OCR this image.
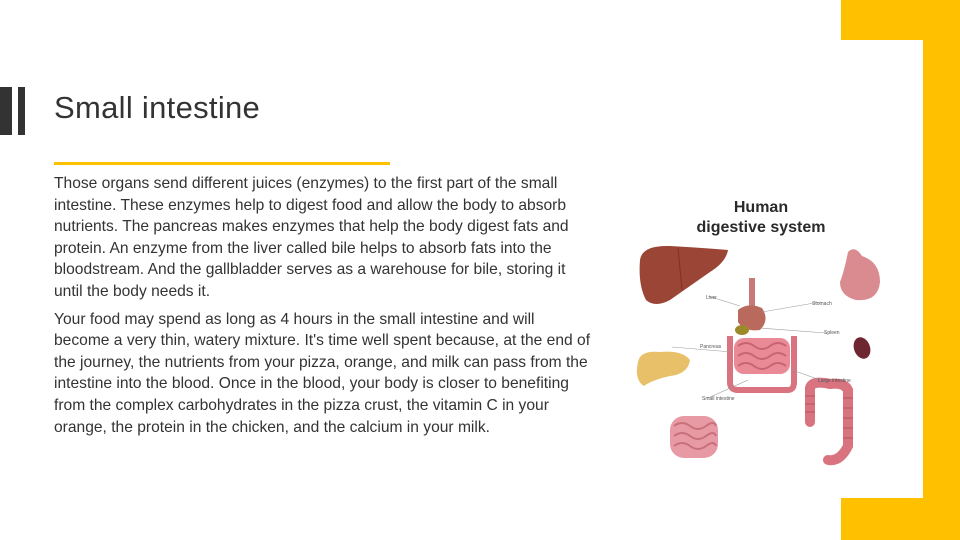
Small intestine

Those organs send different juices (enzymes) to the first part of the small intestine. These enzymes help to digest food and allow the body to absorb nutrients. The pancreas makes enzymes that help the body digest fats and protein. An enzyme from the liver called bile helps to absorb fats into the bloodstream. And the gallbladder serves as a warehouse for bile, storing it until the body needs it.

Your food may spend as long as 4 hours in the small intestine and will become a very thin, watery mixture. It's time well spent because, at the end of the journey, the nutrients from your pizza, orange, and milk can pass from the intestine into the blood. Once in the blood, your body is closer to benefiting from the complex carbohydrates in the pizza crust, the vitamin C in your orange, the protein in the chicken, and the calcium in your milk.

Human
digestive system
Liver
Stomach
Pancreas
Spleen
Large intestine
Small intestine
